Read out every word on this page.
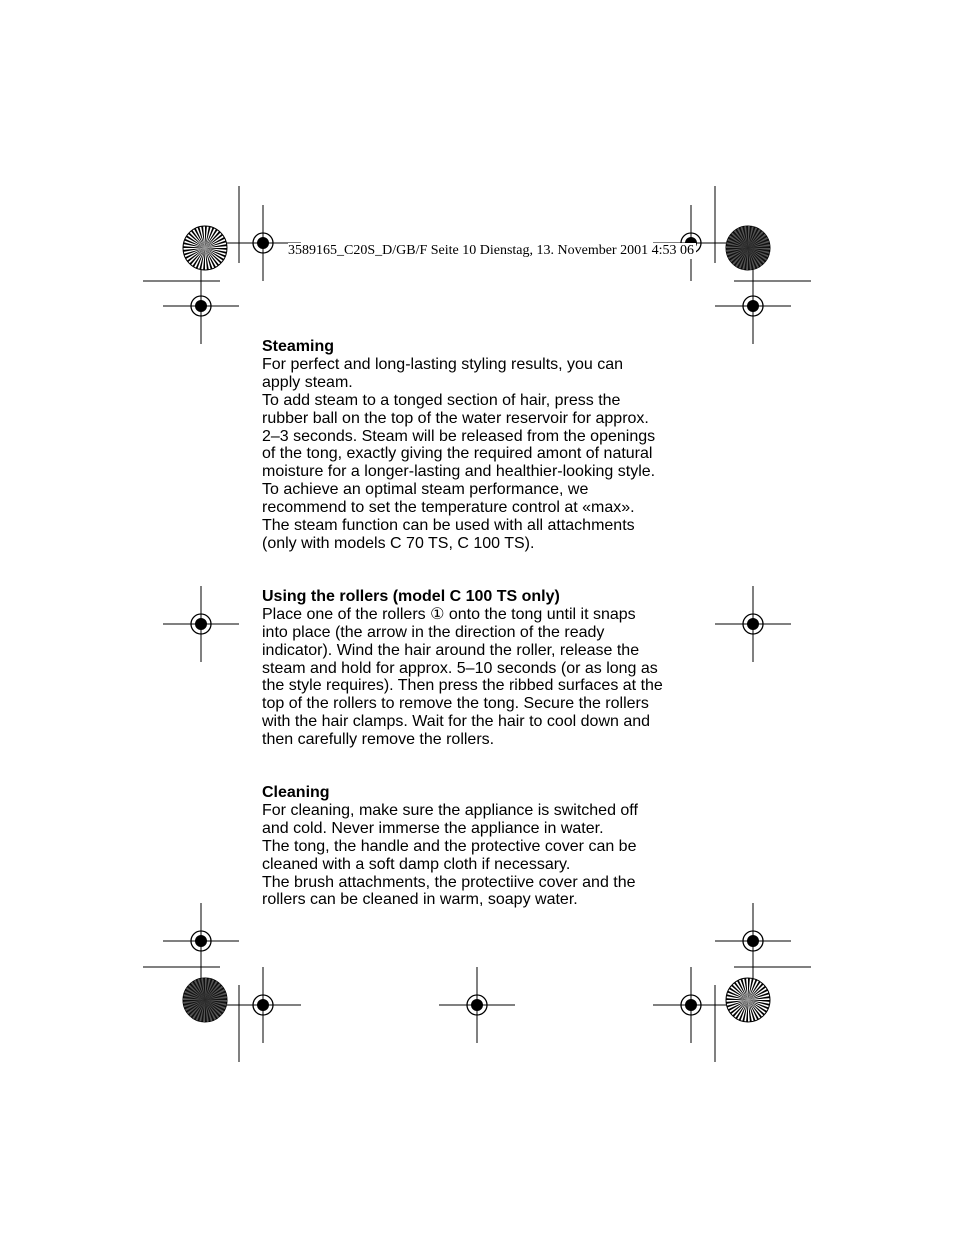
3589165_C20S_D/GB/F Seite 10 Dienstag, 13. November 2001 4:53 06
Steaming
For perfect and long-lasting styling results, you can
apply steam.
To add steam to a tonged section of hair, press the
rubber ball on the top of the water reservoir for approx.
2–3 seconds. Steam will be released from the openings
of the tong, exactly giving the required amont of natural
moisture for a longer-lasting and healthier-looking style.
To achieve an optimal steam performance, we
recommend to set the temperature control at «max».
The steam function can be used with all attachments
(only with models C 70 TS, C 100 TS).
Using the rollers (model C 100 TS only)
Place one of the rollers ① onto the tong until it snaps
into place (the arrow in the direction of the ready
indicator). Wind the hair around the roller, release the
steam and hold for approx. 5–10 seconds (or as long as
the style requires). Then press the ribbed surfaces at the
top of the rollers to remove the tong. Secure the rollers
with the hair clamps. Wait for the hair to cool down and
then carefully remove the rollers.
Cleaning
For cleaning, make sure the appliance is switched off
and cold. Never immerse the appliance in water.
The tong, the handle and the protective cover can be
cleaned with a soft damp cloth if necessary.
The brush attachments, the protectiive cover and the
rollers can be cleaned in warm, soapy water.
